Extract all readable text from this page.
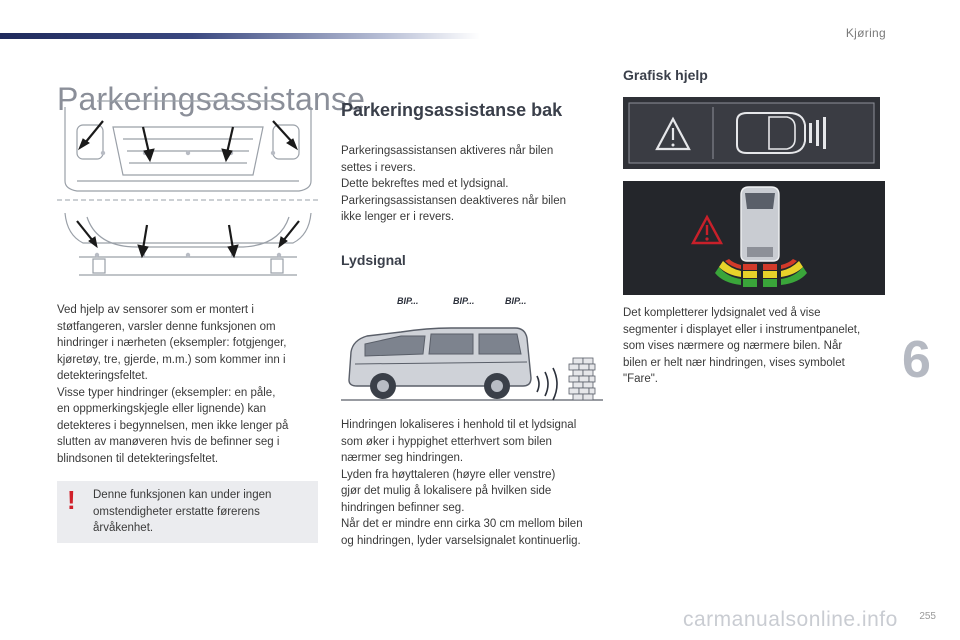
Kjøring
6
Parkeringsassistanse

Ved hjelp av sensorer som er montert i

støtfangeren, varsler denne funksjonen om

hindringer i nærheten (eksempler: fotgjenger,

kjøretøy, tre, gjerde, m.m.) som kommer inn i

detekteringsfeltet.

Visse typer hindringer (eksempler: en påle,

en oppmerkingskjegle eller lignende) kan

detekteres i begynnelsen, men ikke lenger på

slutten av manøveren hvis de befinner seg i

blindsonen til detekteringsfeltet.

! Denne funksjonen kan under ingen
omstendigheter erstatte førerens
årvåkenhet.
Parkeringsassistanse bak

Parkeringsassistansen aktiveres når bilen

settes i revers.

Dette bekreftes med et lydsignal.

Parkeringsassistansen deaktiveres når bilen

ikke lenger er i revers.

Lydsignal
BIP...	BIP...	BIP...

Hindringen lokaliseres i henhold til et lydsignal

som øker i hyppighet etterhvert som bilen

nærmer seg hindringen.

Lyden fra høyttaleren (høyre eller venstre)

gjør det mulig å lokalisere på hvilken side

hindringen befinner seg.

Når det er mindre enn cirka 30 cm mellom bilen

og hindringen, lyder varselsignalet kontinuerlig.

Grafisk hjelp

Det kompletterer lydsignalet ved å vise

segmenter i displayet eller i instrumentpanelet,

som vises nærmere og nærmere bilen. Når

bilen er helt nær hindringen, vises symbolet

"Fare".

carmanualsonline.info 255
